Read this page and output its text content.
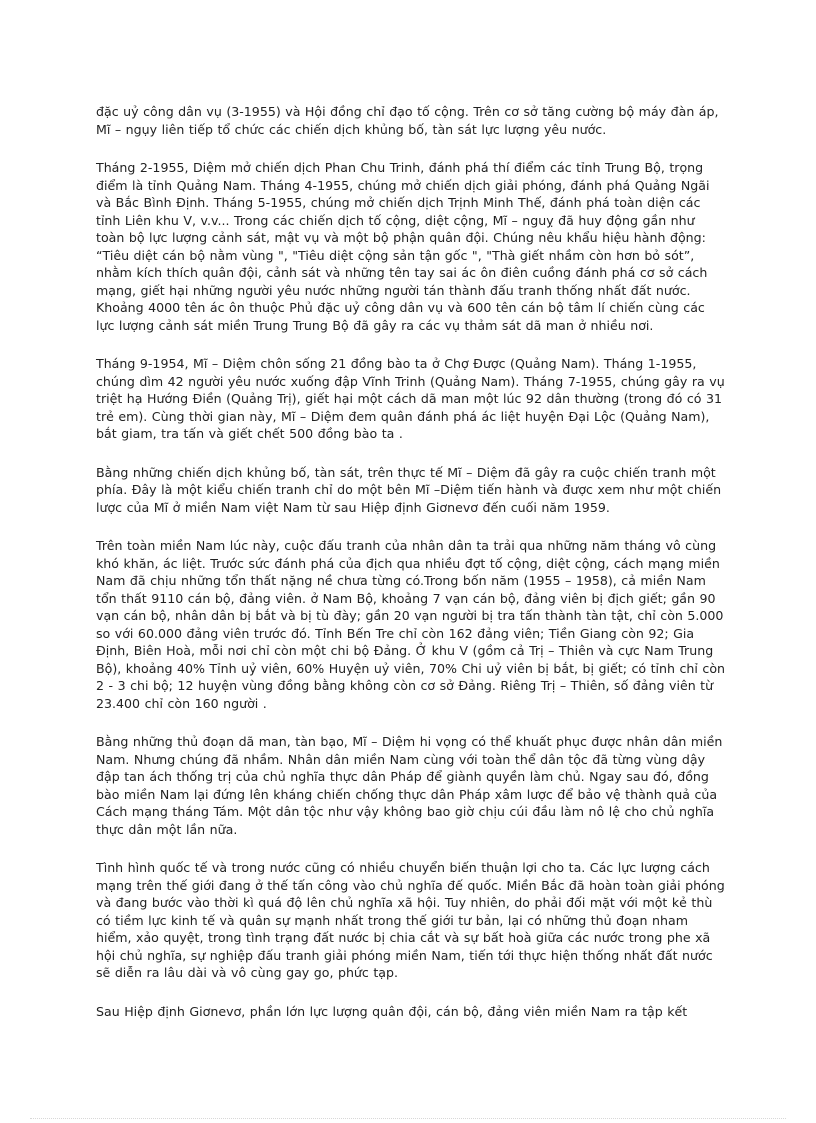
đặc uỷ công dân vụ (3-1955) và Hội đồng chỉ đạo tố cộng. Trên cơ sở tăng cường bộ máy đàn áp, Mĩ – ngụy liên tiếp tổ chức các chiến dịch khủng bố, tàn sát lực lượng yêu nước.

Tháng 2-1955, Diệm mở chiến dịch Phan Chu Trinh, đánh phá thí điểm các tỉnh Trung Bộ, trọng điểm là tỉnh Quảng Nam. Tháng 4-1955, chúng mở chiến dịch giải phóng, đánh phá Quảng Ngãi và Bắc Bình Định. Tháng 5-1955, chúng mở chiến dịch Trịnh Minh Thế, đánh phá toàn diện các tỉnh Liên khu V, v.v... Trong các chiến dịch tố cộng, diệt cộng, Mĩ – nguỵ đã huy động gần như toàn bộ lực lượng cảnh sát, mật vụ và một bộ phận quân đội. Chúng nêu khẩu hiệu hành động: “Tiêu diệt cán bộ nằm vùng ", "Tiêu diệt cộng sản tận gốc ", "Thà giết nhầm còn hơn bỏ sót”, nhằm kích thích quân đội, cảnh sát và những tên tay sai ác ôn điên cuồng đánh phá cơ sở cách mạng, giết hại những người yêu nước những người tán thành đấu tranh thống nhất đất nước. Khoảng 4000 tên ác ôn thuộc Phủ đặc uỷ công dân vụ và 600 tên cán bộ tâm lí chiến cùng các lực lượng cảnh sát miền Trung Trung Bộ đã gây ra các vụ thảm sát dã man ở nhiều nơi.

Tháng 9-1954, Mĩ – Diệm chôn sống 21 đồng bào ta ở Chợ Được (Quảng Nam). Tháng 1-1955, chúng dìm 42 người yêu nước xuống đập Vĩnh Trinh (Quảng Nam). Tháng 7-1955, chúng gây ra vụ triệt hạ Hướng Điền (Quảng Trị), giết hại một cách dã man một lúc 92 dân thường (trong đó có 31 trẻ em). Cùng thời gian này, Mĩ – Diệm đem quân đánh phá ác liệt huyện Đại Lộc (Quảng Nam), bắt giam, tra tấn và giết chết 500 đồng bào ta .

Bằng những chiến dịch khủng bố, tàn sát, trên thực tế Mĩ – Diệm đã gây ra cuộc chiến tranh một phía. Đây là một kiểu chiến tranh chỉ do một bên Mĩ –Diệm tiến hành và được xem như một chiến lược của Mĩ ở miền Nam việt Nam từ sau Hiệp định Giơnevơ đến cuối năm 1959.

Trên toàn miền Nam lúc này, cuộc đấu tranh của nhân dân ta trải qua những năm tháng vô cùng khó khăn, ác liệt. Trước sức đánh phá của địch qua nhiều đợt tố cộng, diệt cộng, cách mạng miền Nam đã chịu những tổn thất nặng nề chưa từng có.Trong bốn năm (1955 – 1958), cả miền Nam tổn thất 9110 cán bộ, đảng viên. ở Nam Bộ, khoảng 7 vạn cán bộ, đảng viên bị địch giết; gần 90 vạn cán bộ, nhân dân bị bắt và bị tù đày; gần 20 vạn người bị tra tấn thành tàn tật, chỉ còn 5.000 so với 60.000 đảng viên trước đó. Tỉnh Bến Tre chỉ còn 162 đảng viên; Tiền Giang còn 92; Gia Định, Biên Hoà, mỗi nơi chỉ còn một chi bộ Đảng. Ở khu V (gồm cả Trị – Thiên và cực Nam Trung Bộ), khoảng 40% Tỉnh uỷ viên, 60% Huyện uỷ viên, 70% Chi uỷ viên bị bắt, bị giết; có tỉnh chỉ còn 2 - 3 chi bộ; 12 huyện vùng đồng bằng không còn cơ sở Đảng. Riêng Trị – Thiên, số đảng viên từ 23.400 chỉ còn 160 người .

Bằng những thủ đoạn dã man, tàn bạo, Mĩ – Diệm hi vọng có thể khuất phục được nhân dân miền Nam. Nhưng chúng đã nhầm. Nhân dân miền Nam cùng với toàn thể dân tộc đã từng vùng dậy đập tan ách thống trị của chủ nghĩa thực dân Pháp để giành quyền làm chủ. Ngay sau đó, đồng bào miền Nam lại đứng lên kháng chiến chống thực dân Pháp xâm lược để bảo vệ thành quả của Cách mạng tháng Tám. Một dân tộc như vậy không bao giờ chịu cúi đầu làm nô lệ cho chủ nghĩa thực dân một lần nữa.

Tình hình quốc tế và trong nước cũng có nhiều chuyển biến thuận lợi cho ta. Các lực lượng cách mạng trên thế giới đang ở thế tấn công vào chủ nghĩa đế quốc. Miền Bắc đã hoàn toàn giải phóng và đang bước vào thời kì quá độ lên chủ nghĩa xã hội. Tuy nhiên, do phải đối mặt với một kẻ thù có tiềm lực kinh tế và quân sự mạnh nhất trong thế giới tư bản, lại có những thủ đoạn nham hiểm, xảo quyệt, trong tình trạng đất nước bị chia cắt và sự bất hoà giữa các nước trong phe xã hội chủ nghĩa, sự nghiệp đấu tranh giải phóng miền Nam, tiến tới thực hiện thống nhất đất nước sẽ diễn ra lâu dài và vô cùng gay go, phức tạp.

Sau Hiệp định Giơnevơ, phần lớn lực lượng quân đội, cán bộ, đảng viên miền Nam ra tập kết
